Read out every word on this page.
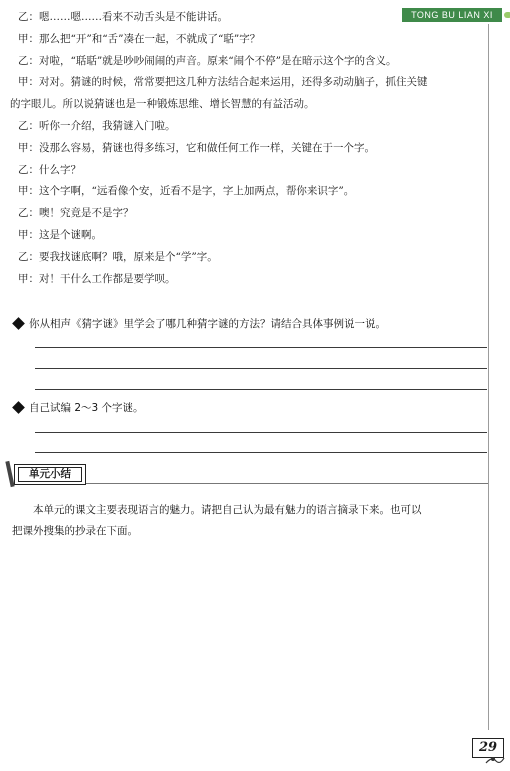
TONG BU LIAN XI

乙：嗯……嗯……看来不动舌头是不能讲话。

甲：那么把“开”和“舌”凑在一起，不就成了“聒”字？

乙：对啦，“聒聒”就是吵吵闹闹的声音。原来“闹个不停”是在暗示这个字的含义。

甲：对对。猜谜的时候，常常要把这几种方法结合起来运用，还得多动动脑子，抓住关键

的字眼儿。所以说猜谜也是一种锻炼思维、增长智慧的有益活动。

乙：听你一介绍，我猜谜入门啦。

甲：没那么容易，猜谜也得多练习，它和做任何工作一样，关键在于一个字。

乙：什么字？

甲：这个字啊，“远看像个安，近看不是字，字上加两点，帮你来识字”。

乙：噢！究竟是不是字？

甲：这是个谜啊。

乙：要我找谜底啊？哦，原来是个“学”字。

甲：对！干什么工作都是要学呗。

你从相声《猜字谜》里学会了哪几种猜字谜的方法？请结合具体事例说一说。
自己试编 2～3 个字谜。
单元小结

本单元的课文主要表现语言的魅力。请把自己认为最有魅力的语言摘录下来。也可以

把课外搜集的抄录在下面。

29
